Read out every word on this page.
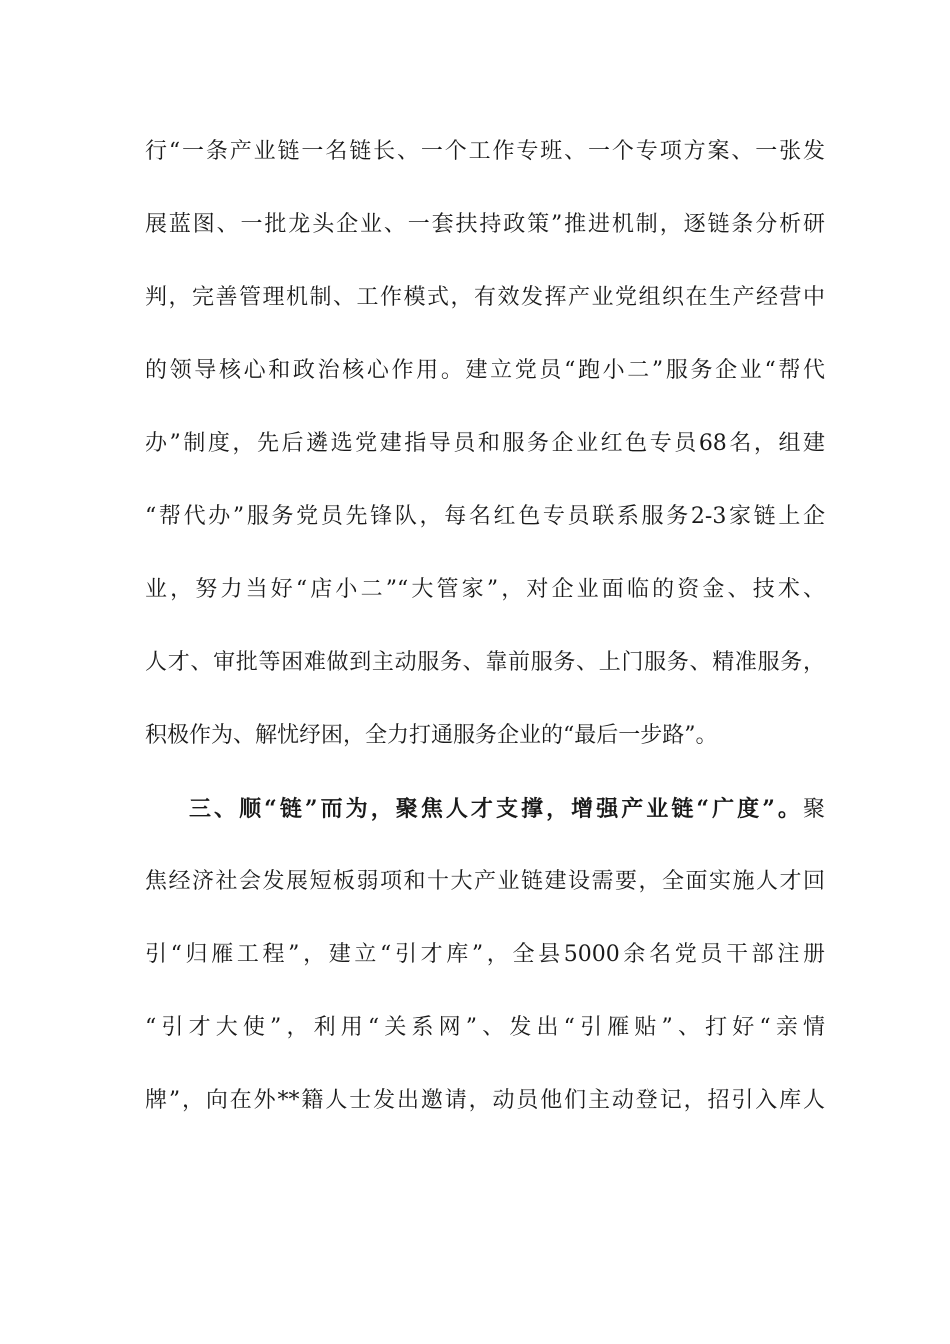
行“一条产业链一名链长、一个工作专班、一个专项方案、一张发
展蓝图、一批龙头企业、一套扶持政策”推进机制，逐链条分析研
判，完善管理机制、工作模式，有效发挥产业党组织在生产经营中
的领导核心和政治核心作用。建立党员“跑小二”服务企业“帮代
办”制度，先后遴选党建指导员和服务企业红色专员68名，组建
“帮代办”服务党员先锋队，每名红色专员联系服务2-3家链上企
业，努力当好“店小二”“大管家”，对企业面临的资金、技术、
人才、审批等困难做到主动服务、靠前服务、上门服务、精准服务，
积极作为、解忧纾困，全力打通服务企业的“最后一步路”。
三、顺“链”而为，聚焦人才支撑，增强产业链“广度”。聚
焦经济社会发展短板弱项和十大产业链建设需要，全面实施人才回
引“归雁工程”，建立“引才库”，全县5000余名党员干部注册
“引才大使”，利用“关系网”、发出“引雁贴”、打好“亲情
牌”，向在外**籍人士发出邀请，动员他们主动登记，招引入库人
